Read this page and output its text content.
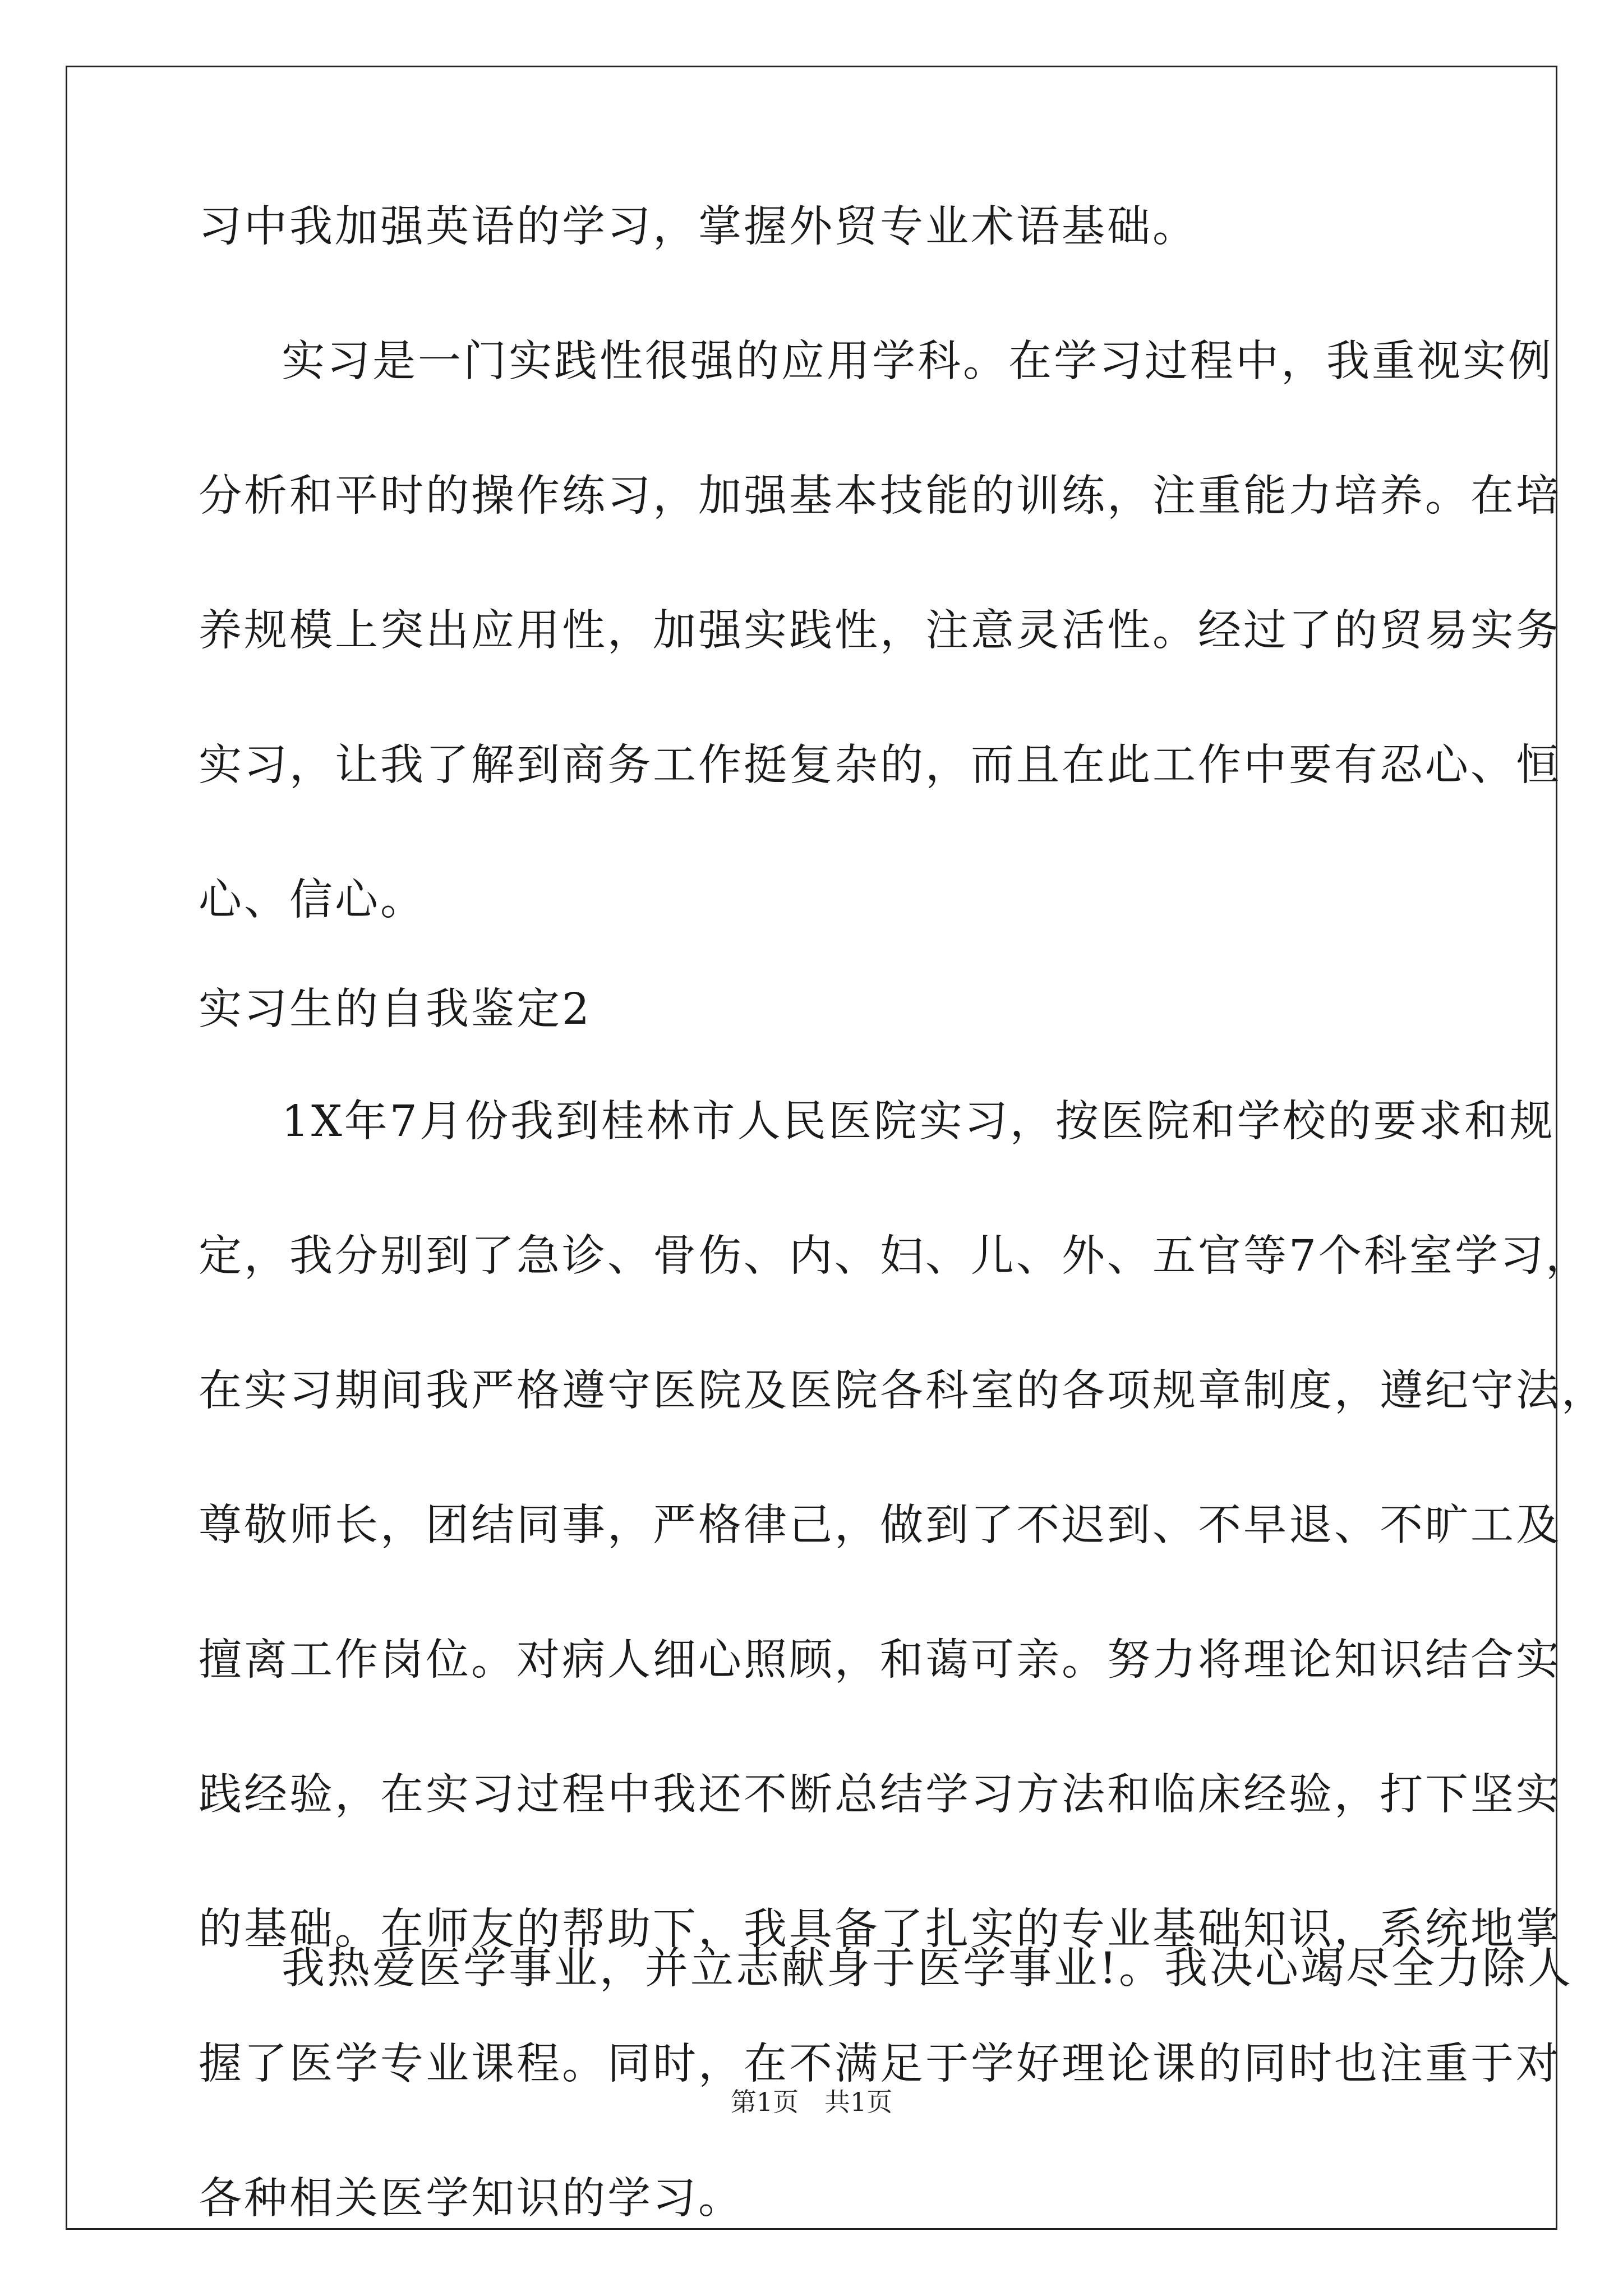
习中我加强英语的学习，掌握外贸专业术语基础。
实习是一门实践性很强的应用学科。在学习过程中，我重视实例
分析和平时的操作练习，加强基本技能的训练，注重能力培养。在培
养规模上突出应用性，加强实践性，注意灵活性。经过了的贸易实务
实习，让我了解到商务工作挺复杂的，而且在此工作中要有忍心、恒
心、信心。
实习生的自我鉴定2
1X年7月份我到桂林市人民医院实习，按医院和学校的要求和规
定，我分别到了急诊、骨伤、内、妇、儿、外、五官等7个科室学习，
在实习期间我严格遵守医院及医院各科室的各项规章制度，遵纪守法，
尊敬师长，团结同事，严格律己，做到了不迟到、不早退、不旷工及
擅离工作岗位。对病人细心照顾，和蔼可亲。努力将理论知识结合实
践经验，在实习过程中我还不断总结学习方法和临床经验，打下坚实
的基础。在师友的帮助下，我具备了扎实的专业基础知识，系统地掌
握了医学专业课程。同时，在不满足于学好理论课的同时也注重于对
各种相关医学知识的学习。
我热爱医学事业，并立志献身于医学事业!。我决心竭尽全力除人
第1页　共1页
